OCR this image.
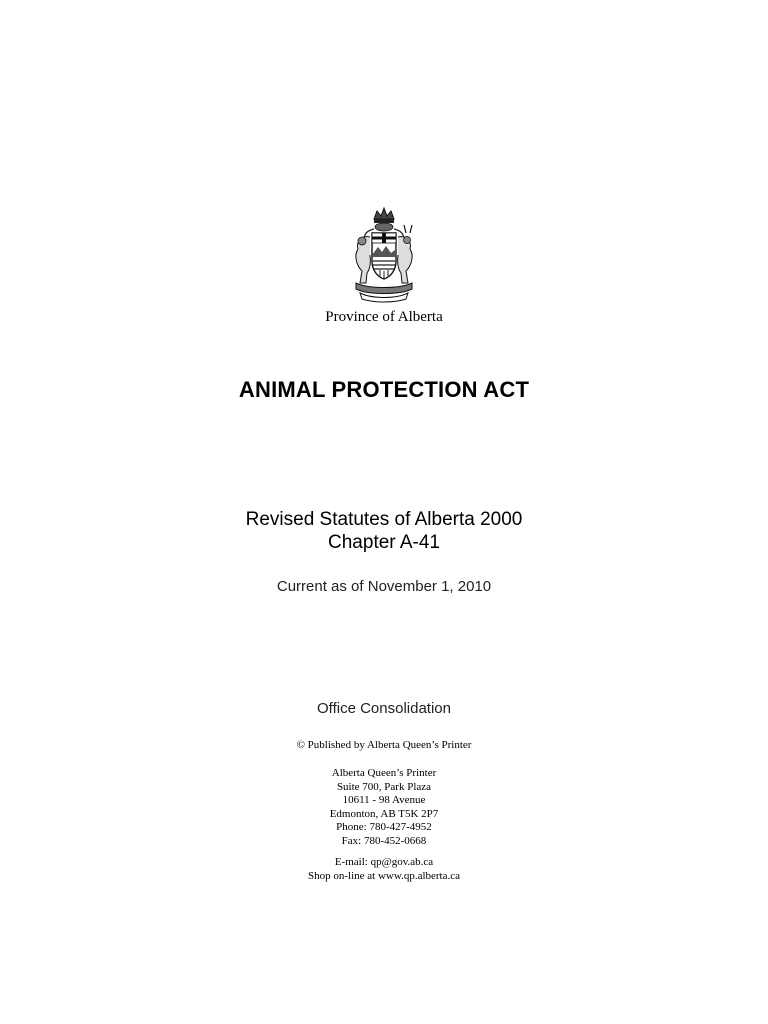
Province of Alberta
ANIMAL PROTECTION ACT
Revised Statutes of Alberta 2000
Chapter A-41
Current as of November 1, 2010
Office Consolidation
© Published by Alberta Queen’s Printer
Alberta Queen’s Printer
Suite 700, Park Plaza
10611 - 98 Avenue
Edmonton, AB T5K 2P7
Phone: 780-427-4952
Fax: 780-452-0668
E-mail: qp@gov.ab.ca
Shop on-line at www.qp.alberta.ca
